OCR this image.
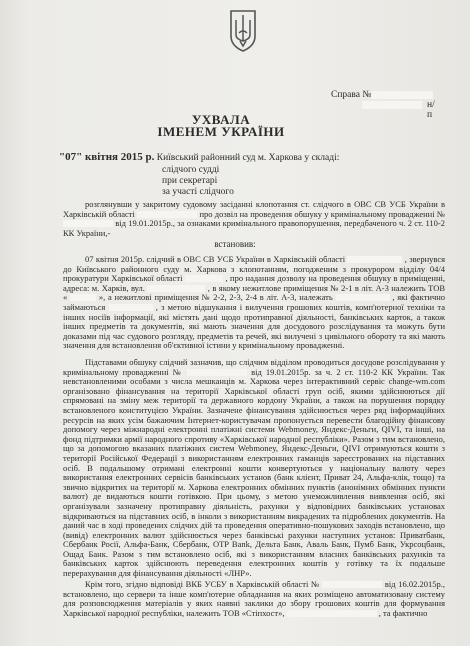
Справа №
н/п
УХВАЛА
ІМЕНЕМ УКРАЇНИ
"07" квітня 2015 р. Київський районний суд м. Харкова у складі:
слідчого судді
при секретарі
за участі слідчого

розглянувши у закритому судовому засіданні клопотання ст. слідчого в ОВС СВ УСБ України в Харківській області	про дозвіл на проведення обшуку у кримінальному провадженні №  від 19.01.2015р., за ознаками кримінального правопорушення, передбаченого ч. 2 ст. 110-2 КК України,-

встановив:

07 квітня 2015р. слідчий в ОВС СВ УСБ України в Харківській області	, звернувся до Київського районного суду м. Харкова з клопотанням, погодженим з прокурором відділу 04/4 прокуратури Харківської області	, про надання дозволу на проведення обшуку в приміщенні, адреса: м. Харків, вул.	, в якому нежитлове приміщення № 2-1 в літ. А-3 належить ТОВ «	», а нежитлові приміщення № 2-2, 2-3, 2-4 в літ. А-3, належать	, які фактично займаються	, з метою відшукання і вилучення грошових коштів, комп'ютерної техніки та інших носіїв інформації, які містять дані щодо протиправної діяльності, банківських карток, а також інших предметів та документів, які мають значення для досудового розслідування та можуть бути доказами під час судового розгляду, предметів та речей, які вилучені з цивільного обороту та які мають значення для встановлення об'єктивної істини у кримінальному провадженні.

Підставами обшуку слідчий зазначив, що слідчим відділом проводиться досудове розслідування у кримінальному провадженні №	від 19.01.2015р. за ч. 2 ст. 110-2 КК України. Так невстановленими особами з числа мешканців м. Харкова через інтерактивний сервіс change-wm.com організовано фінансування на території Харківської області груп осіб, якими здійснюються дії спрямовані на зміну меж території та державного кордону України, а також на порушення порядку встановленого конституцією України. Зазначене фінансування здійснюється через ряд інформаційних ресурсів на яких усім бажаючим Інтернет-користувачам пропонується перевести благодійну фінансову допомогу через міжнародні електронні платіжні системи Webmoney, Яндекс-Деньги, QIVI, та інші, на фонд підтримки армії народного спротиву «Харківської народної республіки». Разом з тим встановлено, що за допомогою вказаних платіжних систем Webmoney, Яндекс-Деньги, QIVI отримуються кошти з території Російської Федерації з використанням електронних гаманців зареєстрованих на підставних осіб. В подальшому отримані електронні кошти конвертуються у національну валюту через використання електронних сервісів банківських установ (банк клієнт, Приват 24, Альфа-клік, тощо) та звично відкритих на території м. Харкова електронних обмінних пунктів (анонімних обмінних пункти валют) де видаються кошти готівкою. При цьому, з метою унеможливлення виявлення осіб, які організували зазначену протиправну діяльність, рахунки у відповідних банківських установах відкриваються на підставних осіб, в інколи з використанням викрадених та підроблених документів. На даний час в ході проведених слідчих дій та проведення оперативно-пошукових заходів встановлено, що (вивід) електронних валют здійснюється через банківські рахунки наступних установ: Приватбанк, Сбербанк Росії, Альфа-Банк, Сбербанк, OTP Bank, Дельта Банк, Аваль Банк, Пумб Банк, Укрсоцбанк, Ощад Банк. Разом з тим встановлено осіб, які з використанням власних банківських рахунків та банківських карток здійснюють переведення електронних коштів у готівку та їх подальше перерахування для фінансування діяльності «ЛНР».

Крім того, згідно відповіді ВКБ УСБУ в Харківській області №	від 16.02.2015р., встановлено, що сервери та інше комп'ютерне обладнання на яких розміщено автоматизовану систему для розповсюдження матеріалів у яких наявні заклики до збору грошових коштів для формування Харківської народної республіки, належить ТОВ «Стіпхост»,	, та фактично
